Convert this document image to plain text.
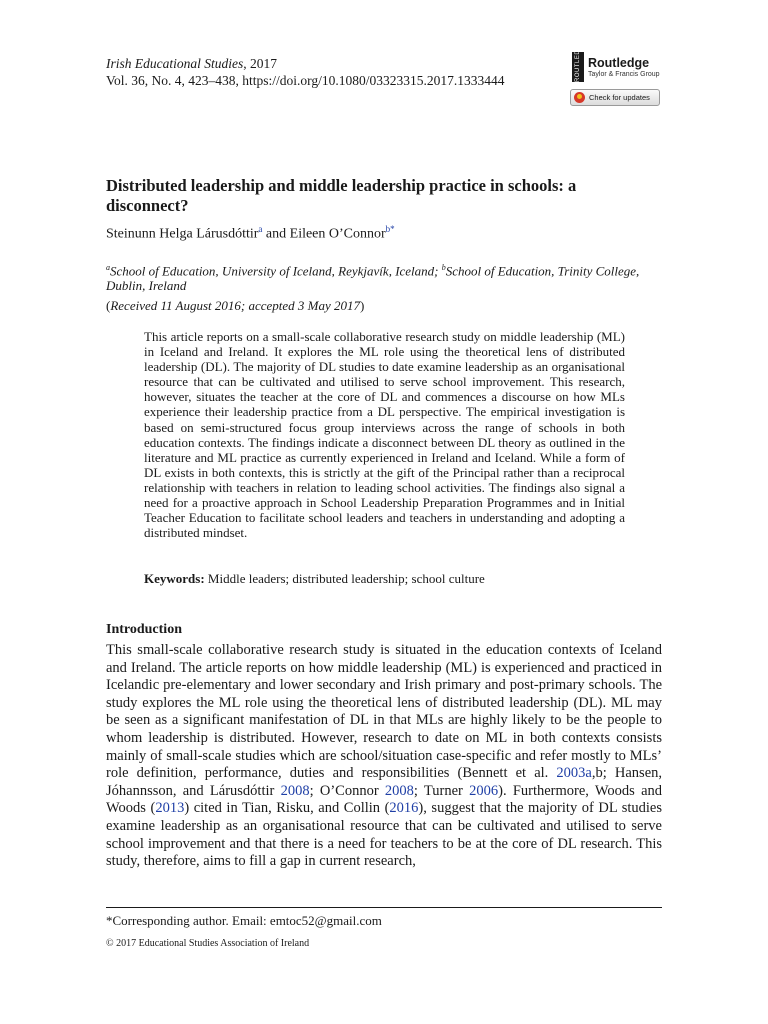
Irish Educational Studies, 2017
Vol. 36, No. 4, 423–438, https://doi.org/10.1080/03323315.2017.1333444	ROUTLEDGE Routledge
Taylor & Francis Group
Check for updates
Distributed leadership and middle leadership practice in schools: a disconnect?
Steinunn Helga Lárusdóttir$^a$ and Eileen O’Connor$^{b*}$
$^a$School of Education, University of Iceland, Reykjavík, Iceland; $^b$School of Education, Trinity College, Dublin, Ireland
(Received 11 August 2016; accepted 3 May 2017)
This article reports on a small-scale collaborative research study on middle leadership (ML) in Iceland and Ireland. It explores the ML role using the theoretical lens of distributed leadership (DL). The majority of DL studies to date examine leadership as an organisational resource that can be cultivated and utilised to serve school improvement. This research, however, situates the teacher at the core of DL and commences a discourse on how MLs experience their leadership practice from a DL perspective. The empirical investigation is based on semi-structured focus group interviews across the range of schools in both education contexts. The findings indicate a disconnect between DL theory as outlined in the literature and ML practice as currently experienced in Ireland and Iceland. While a form of DL exists in both contexts, this is strictly at the gift of the Principal rather than a reciprocal relationship with teachers in relation to leading school activities. The findings also signal a need for a proactive approach in School Leadership Preparation Programmes and in Initial Teacher Education to facilitate school leaders and teachers in understanding and adopting a distributed mindset.
Keywords: Middle leaders; distributed leadership; school culture
Introduction
This small-scale collaborative research study is situated in the education contexts of Iceland and Ireland. The article reports on how middle leadership (ML) is experienced and practiced in Icelandic pre-elementary and lower secondary and Irish primary and post-primary schools. The study explores the ML role using the theoretical lens of distributed leadership (DL). ML may be seen as a significant manifestation of DL in that MLs are highly likely to be the people to whom leadership is distributed. However, research to date on ML in both contexts consists mainly of small-scale studies which are school/situation case-specific and refer mostly to MLs’ role definition, performance, duties and responsibilities (Bennett et al. 2003a,b; Hansen, Jóhannsson, and Lárusdóttir 2008; O’Connor 2008; Turner 2006). Furthermore, Woods and Woods (2013) cited in Tian, Risku, and Collin (2016), suggest that the majority of DL studies examine leadership as an organisational resource that can be cultivated and utilised to serve school improvement and that there is a need for teachers to be at the core of DL research. This study, therefore, aims to fill a gap in current research,
*Corresponding author. Email: emtoc52@gmail.com
© 2017 Educational Studies Association of Ireland
